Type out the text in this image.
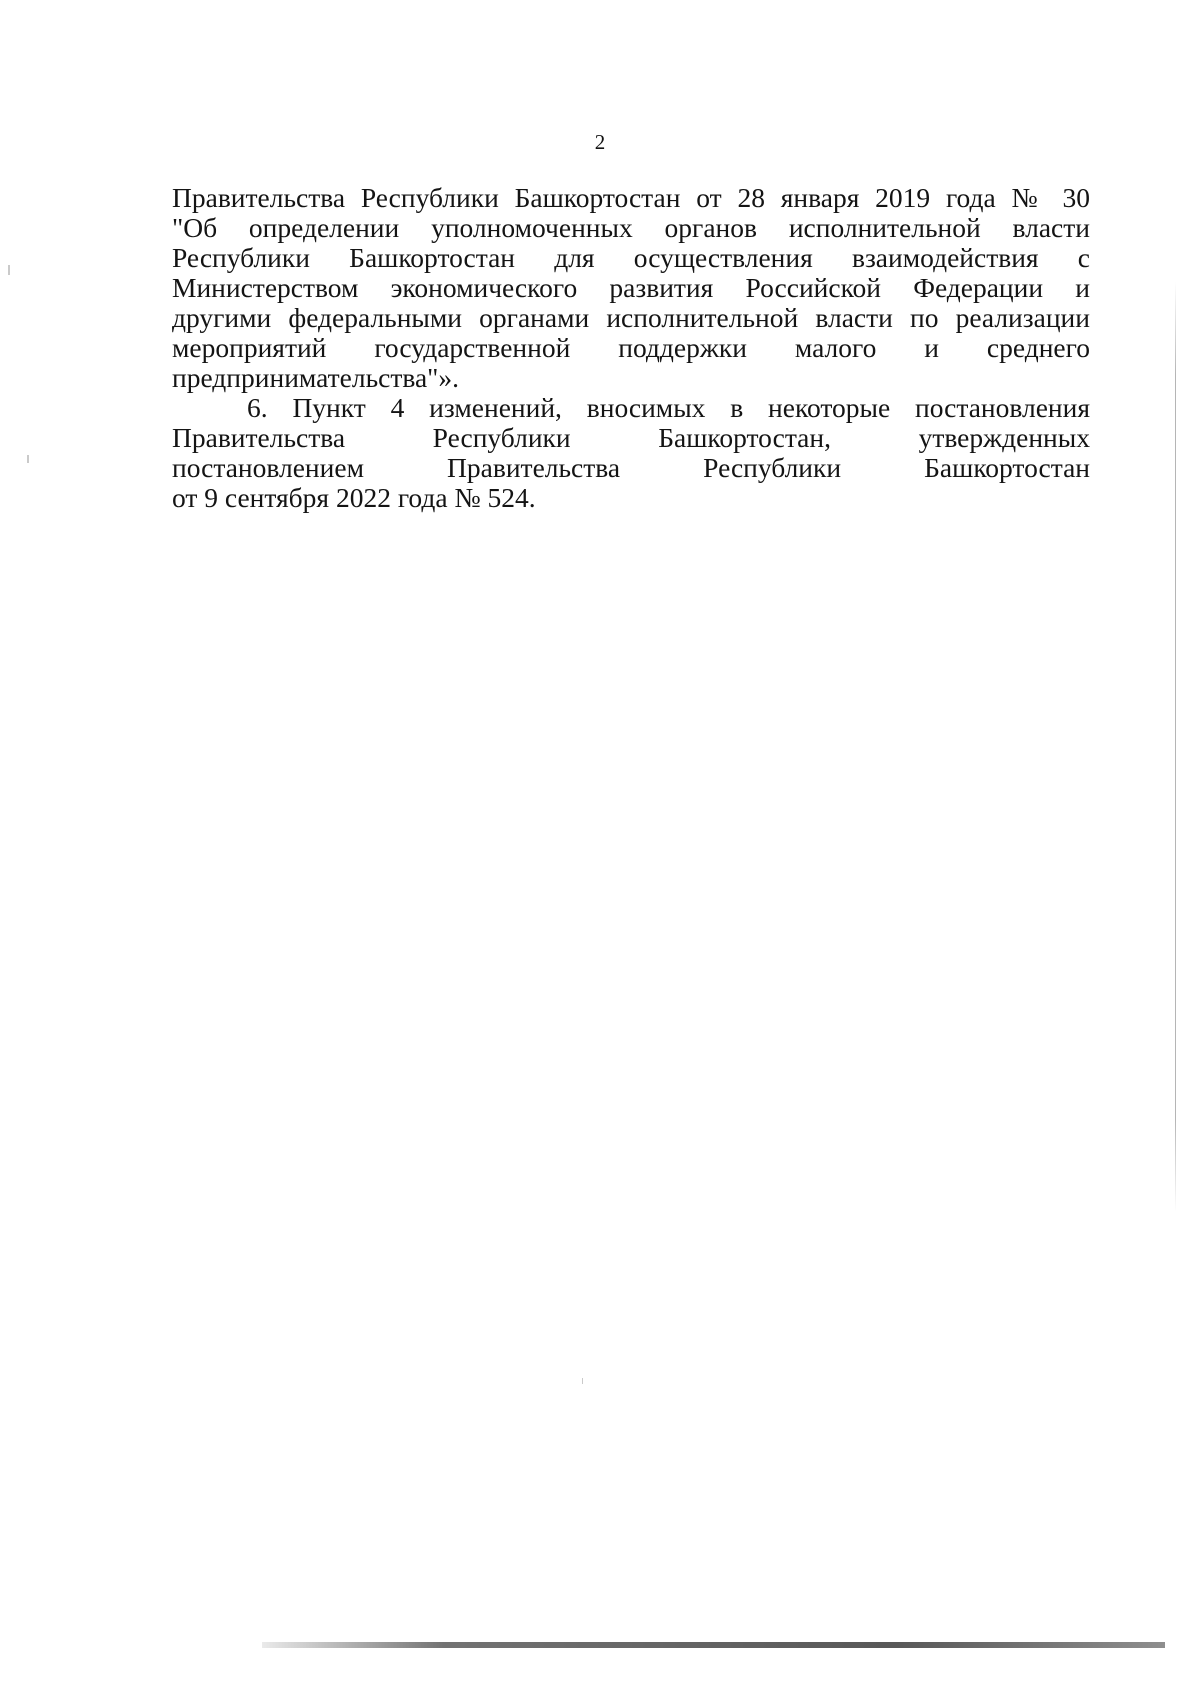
2

Правительства Республики Башкортостан от 28 января 2019 года № 30

"Об определении уполномоченных органов исполнительной власти

Республики Башкортостан для осуществления взаимодействия с

Министерством экономического развития Российской Федерации и

другими федеральными органами исполнительной власти по реализации

мероприятий государственной поддержки малого и среднего

предпринимательства"».

6. Пункт 4 изменений, вносимых в некоторые постановления

Правительства Республики Башкортостан, утвержденных

постановлением Правительства Республики Башкортостан

от 9 сентября 2022 года № 524.
